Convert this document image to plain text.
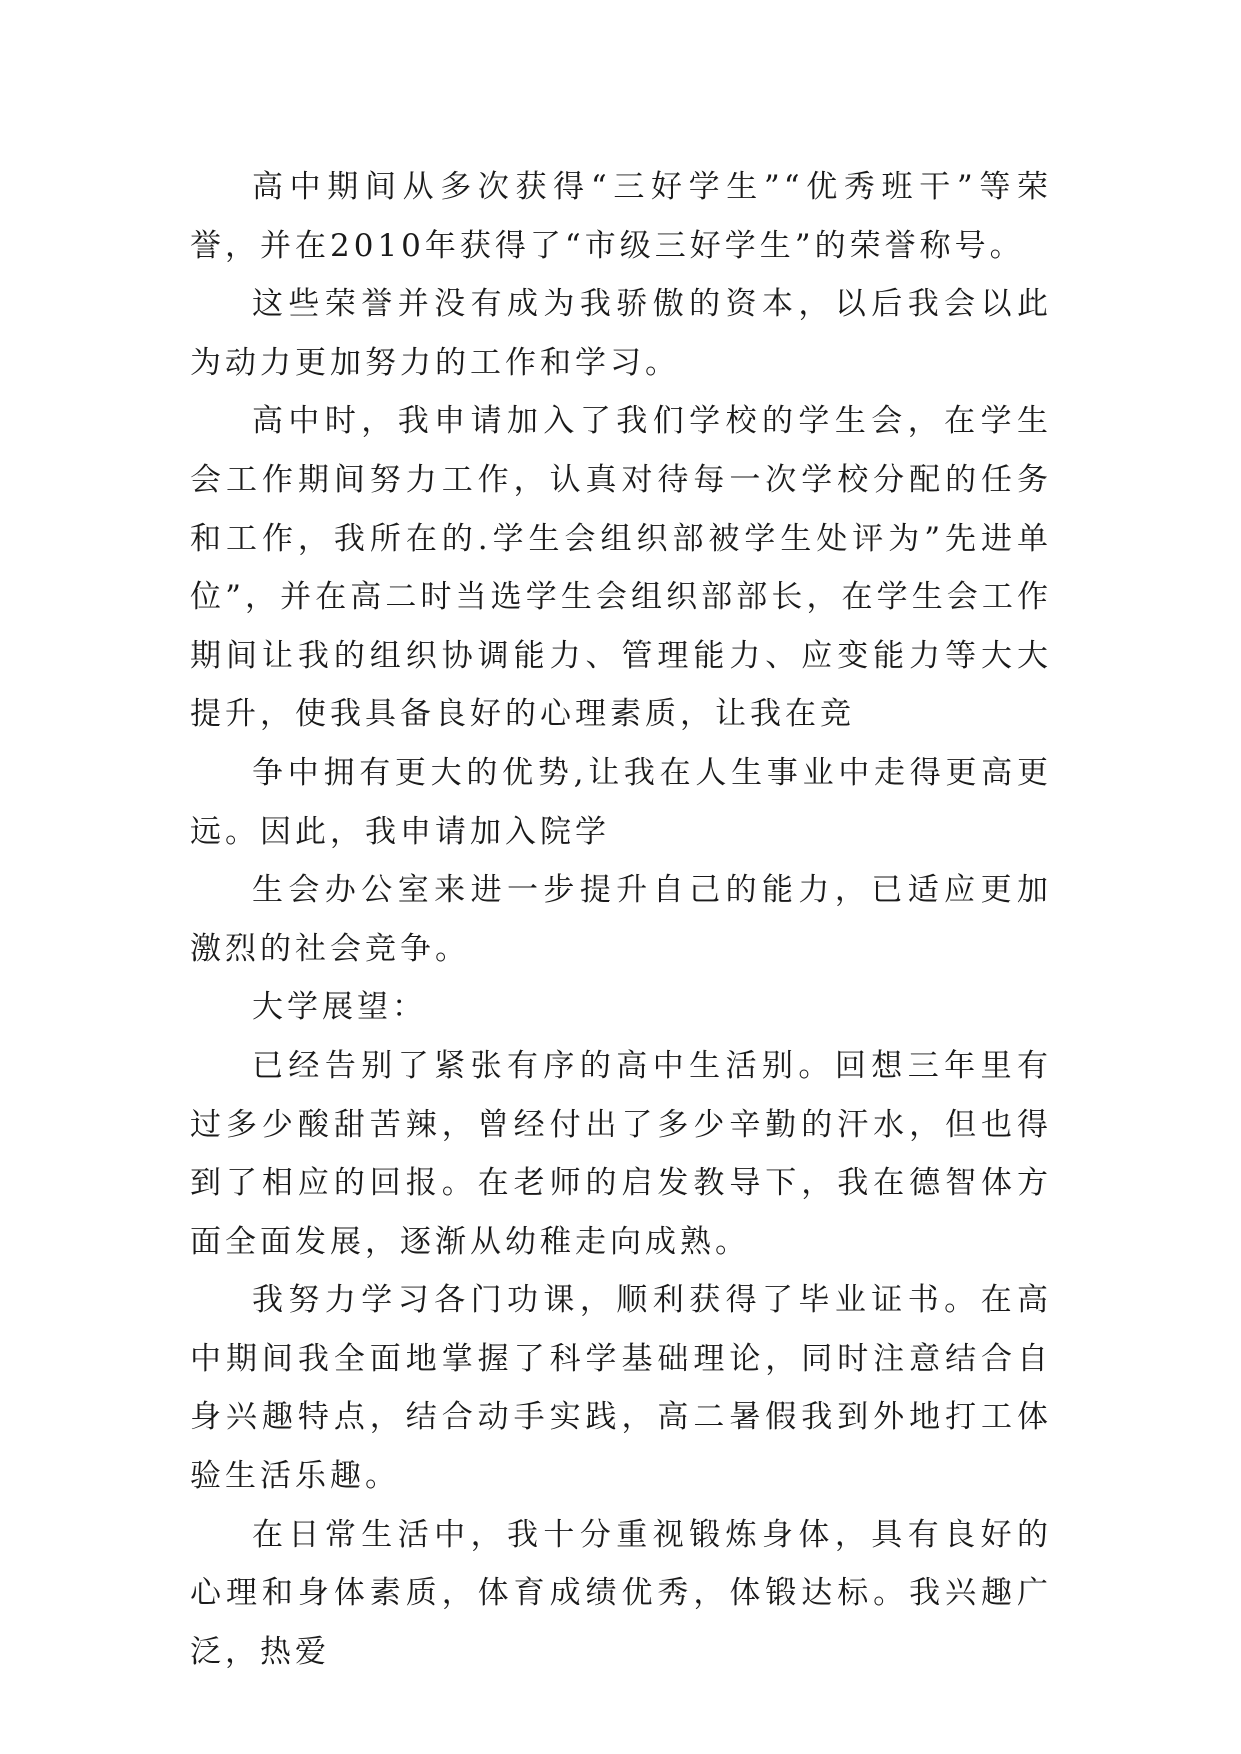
高中期间从多次获得“三好学生”“优秀班干”等荣誉，并在2010年获得了“市级三好学生”的荣誉称号。

这些荣誉并没有成为我骄傲的资本，以后我会以此为动力更加努力的工作和学习。

高中时，我申请加入了我们学校的学生会，在学生会工作期间努力工作，认真对待每一次学校分配的任务和工作，我所在的.学生会组织部被学生处评为”先进单位”，并在高二时当选学生会组织部部长，在学生会工作期间让我的组织协调能力、管理能力、应变能力等大大提升，使我具备良好的心理素质，让我在竞

争中拥有更大的优势,让我在人生事业中走得更高更远。因此，我申请加入院学

生会办公室来进一步提升自己的能力，已适应更加激烈的社会竞争。

大学展望：

已经告别了紧张有序的高中生活别。回想三年里有过多少酸甜苦辣，曾经付出了多少辛勤的汗水，但也得到了相应的回报。在老师的启发教导下，我在德智体方面全面发展，逐渐从幼稚走向成熟。

我努力学习各门功课，顺利获得了毕业证书。在高中期间我全面地掌握了科学基础理论，同时注意结合自身兴趣特点，结合动手实践，高二暑假我到外地打工体验生活乐趣。

在日常生活中，我十分重视锻炼身体，具有良好的心理和身体素质，体育成绩优秀，体锻达标。我兴趣广泛，热爱
